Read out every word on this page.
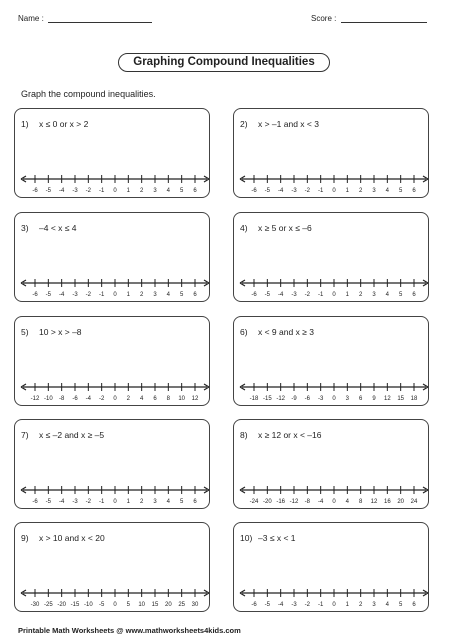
Name :	Score :
Graphing Compound Inequalities
Graph the compound inequalities.
1) x ≤ 0 or x > 2
-6 -5 -4 -3 -2 -1 0 1 2 3 4 5 6
2) x > –1 and x < 3
-6 -5 -4 -3 -2 -1 0 1 2 3 4 5 6
3) –4 < x ≤ 4
-6 -5 -4 -3 -2 -1 0 1 2 3 4 5 6
4) x ≥ 5 or x ≤ –6
-6 -5 -4 -3 -2 -1 0 1 2 3 4 5 6
5) 10 > x > –8
-12 -10 -8 -6 -4 -2 0 2 4 6 8 10 12
6) x < 9 and x ≥ 3
-18 -15 -12 -9 -6 -3 0 3 6 9 12 15 18
7) x ≤ –2 and x ≥ –5
-6 -5 -4 -3 -2 -1 0 1 2 3 4 5 6
8) x ≥ 12 or x < –16
-24 -20 -16 -12 -8 -4 0 4 8 12 16 20 24
9) x > 10 and x < 20
-30 -25 -20 -15 -10 -5 0 5 10 15 20 25 30
10) –3 ≤ x < 1
-6 -5 -4 -3 -2 -1 0 1 2 3 4 5 6
Printable Math Worksheets @ www.mathworksheets4kids.com
